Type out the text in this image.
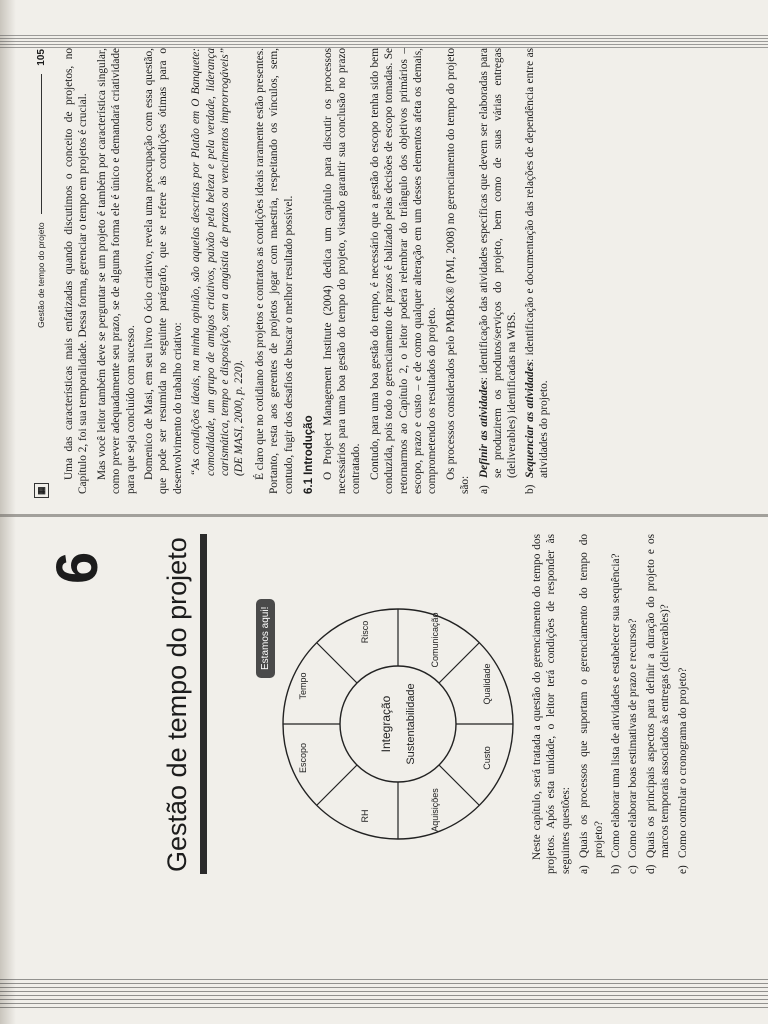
6 Gestão de tempo do projeto	Estamos aqui!
Escopo
Tempo
Risco	Comunicação
Qualidade
Custo
Aquisições
RH
Integração Sustentabilidade	Neste capítulo, será tratada a questão do gerenciamento do tempo dos projetos. Após esta unidade, o leitor terá condições de responder às seguintes questões: a)
Quais os processos que suportam o gerenciamento do tempo do projeto?
b)
Como elaborar uma lista de atividades e estabelecer sua sequência?
c)
Como elaborar boas estimativas de prazo e recursos?
d)
Quais os principais aspectos para definir a duração do projeto e os marcos temporais associados às entregas (deliverables)?
e)
Como controlar o cronograma do projeto?
Gestão de tempo do projeto  105
▦

Uma das características mais enfatizadas quando discutimos o conceito de projetos, no Capítulo 2, foi sua temporalidade. Dessa forma, gerenciar o tempo em projetos é crucial. Mas você leitor também deve se perguntar se um projeto é também por característica singular, como prever adequadamente seu prazo, se de alguma forma ele é único e demandará criatividade para que seja concluído com sucesso. Domenico de Masi, em seu livro O ócio criativo, revela uma preocupação com essa questão, que pode ser resumida no seguinte parágrafo, que se refere às condições ótimas para o desenvolvimento do trabalho criativo: “As condições ideais, na minha opinião, são aquelas descritas por Platão em O Banquete: comodidade, um grupo de amigos criativos, paixão pela beleza e pela verdade, liderança carismática, tempo e disposição, sem a angústia de prazos ou vencimentos improrrogáveis” (DE MASI, 2000, p. 220). É claro que no cotidiano dos projetos e contratos as condições ideais raramente estão presentes. Portanto, resta aos gerentes de projetos jogar com maestria, respeitando os vínculos, sem, contudo, fugir dos desafios de buscar o melhor resultado possível. 6.1 Introdução O Project Management Institute (2004) dedica um capítulo para discutir os processos necessários para uma boa gestão do tempo do projeto, visando garantir sua conclusão no prazo contratado. Contudo, para uma boa gestão do tempo, é necessário que a gestão do escopo tenha sido bem conduzida, pois todo o gerenciamento de prazos é balizado pelas decisões de escopo tomadas. Se retornarmos ao Capítulo 2, o leitor poderá relembrar do triângulo dos objetivos primários – escopo, prazo e custo – e de como qualquer alteração em um desses elementos afeta os demais, comprometendo os resultados do projeto. Os processos considerados pelo PMBoK® (PMI, 2008) no gerenciamento do tempo do projeto são: a)
Definir as atividades: identificação das atividades específicas que devem ser elaboradas para se produzirem os produtos/serviços do projeto, bem como de suas várias entregas (deliverables) identificadas na WBS.
b)
Sequenciar as atividades: identificação e documentação das relações de dependência entre as atividades do projeto.
